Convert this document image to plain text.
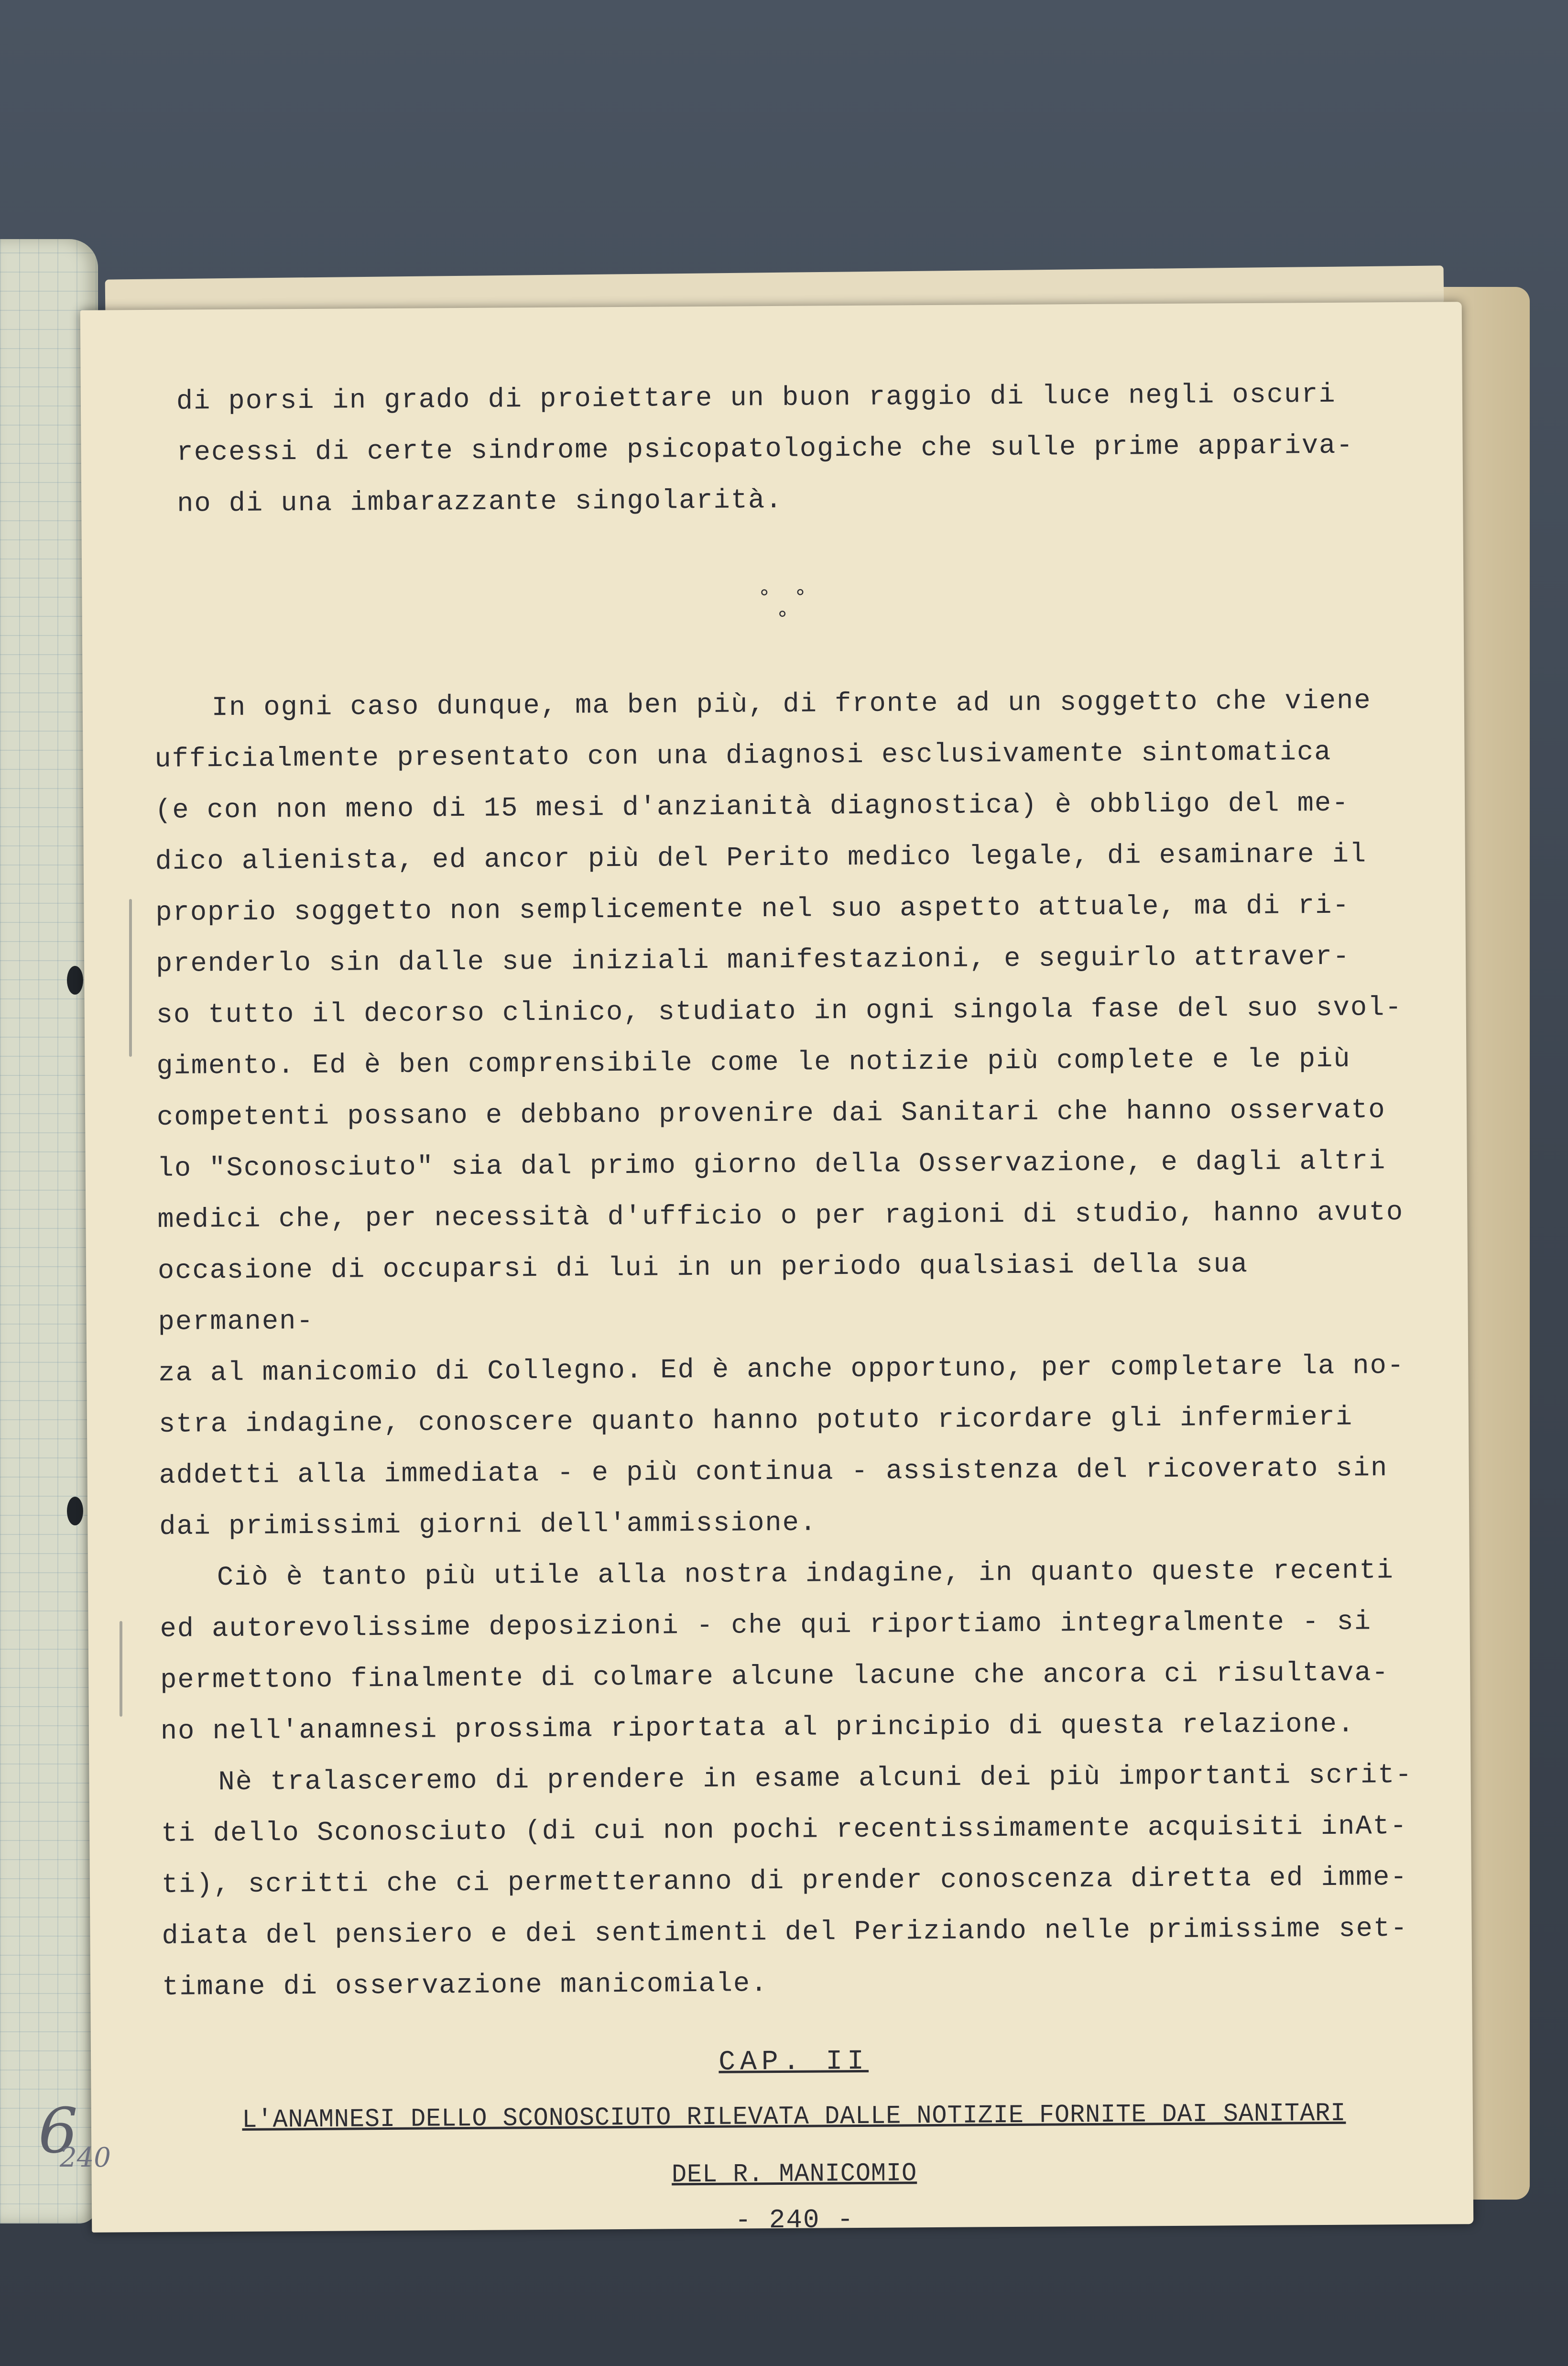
di porsi in grado di proiettare un buon raggio di luce negli oscuri
recessi di certe sindrome psicopatologiche che sulle prime appariva-
no di una imbarazzante singolarità.

° °
°

In ogni caso dunque, ma ben più, di fronte ad un soggetto che viene
ufficialmente presentato con una diagnosi esclusivamente sintomatica
(e con non meno di 15 mesi d'anzianità diagnostica) è obbligo del me-
dico alienista, ed ancor più del Perito medico legale, di esaminare il
proprio soggetto non semplicemente nel suo aspetto attuale, ma di ri-
prenderlo sin dalle sue iniziali manifestazioni, e seguirlo attraver-
so tutto il decorso clinico, studiato in ogni singola fase del suo svol-
gimento. Ed è ben comprensibile come le notizie più complete e le più
competenti possano e debbano provenire dai Sanitari che hanno osservato
lo "Sconosciuto" sia dal primo giorno della Osservazione, e dagli altri
medici che, per necessità d'ufficio o per ragioni di studio, hanno avuto
occasione di occuparsi di lui in un periodo qualsiasi della sua permanen-
za al manicomio di Collegno. Ed è anche opportuno, per completare la no-
stra indagine, conoscere quanto hanno potuto ricordare gli infermieri
addetti alla immediata - e più continua - assistenza del ricoverato sin
dai primissimi giorni dell'ammissione.

Ciò è tanto più utile alla nostra indagine, in quanto queste recenti
ed autorevolissime deposizioni - che qui riportiamo integralmente - si
permettono finalmente di colmare alcune lacune che ancora ci risultava-
no nell'anamnesi prossima riportata al principio di questa relazione.

Nè tralasceremo di prendere in esame alcuni dei più importanti scrit-
ti dello Sconosciuto (di cui non pochi recentissimamente acquisiti inAt-
ti), scritti che ci permetteranno di prender conoscenza diretta ed imme-
diata del pensiero e dei sentimenti del Periziando nelle primissime set-
timane di osservazione manicomiale.

CAP. II
L'ANAMNESI DELLO SCONOSCIUTO RILEVATA DALLE NOTIZIE FORNITE DAI SANITARI
DEL R. MANICOMIO
- 240 -
6
240
